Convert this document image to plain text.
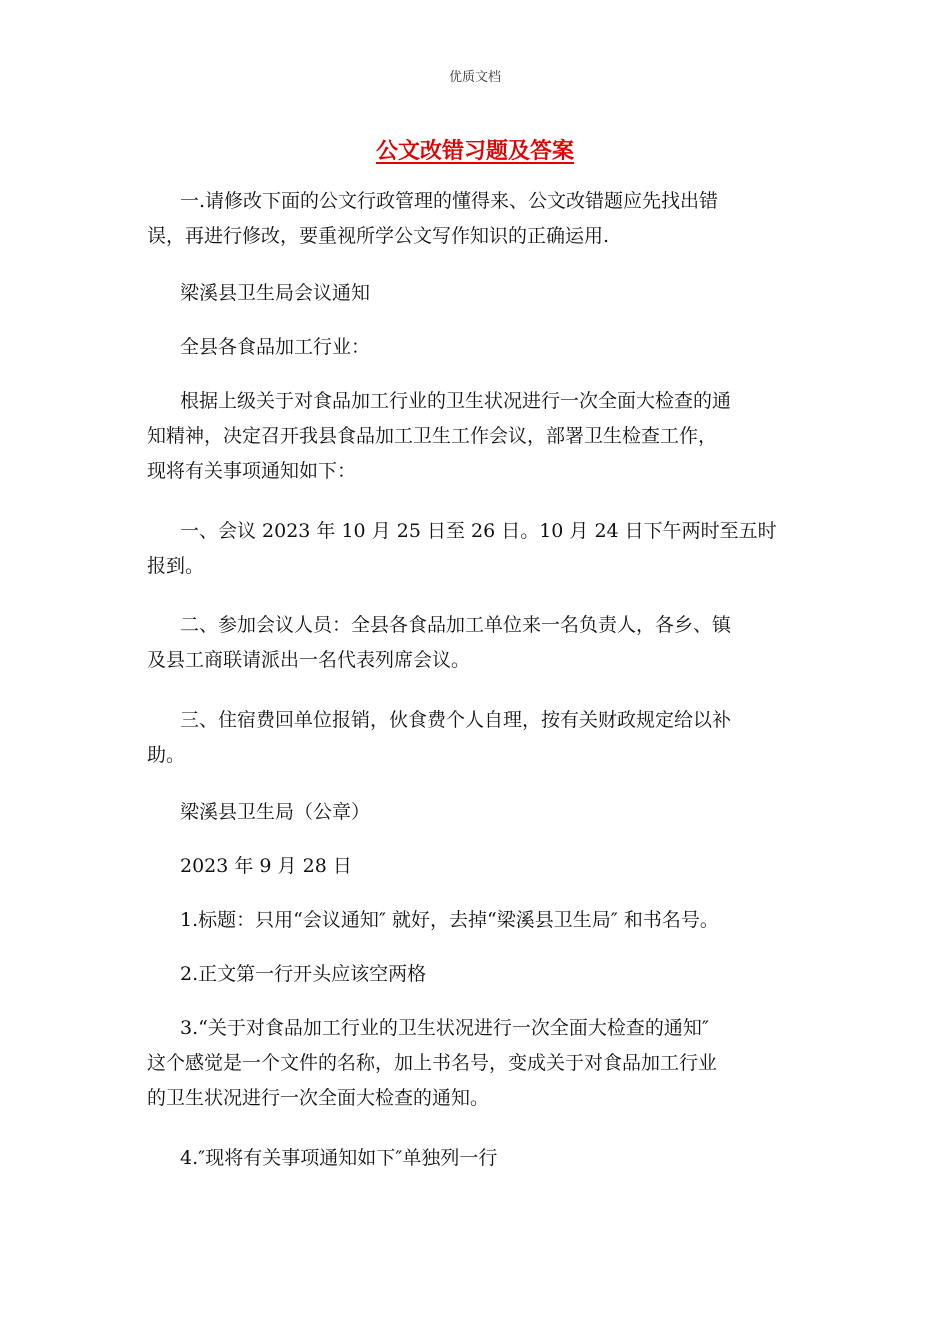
优质文档
公文改错习题及答案
一.请修改下面的公文行政管理的懂得来、公文改错题应先找出错
误，再进行修改，要重视所学公文写作知识的正确运用.
梁溪县卫生局会议通知
全县各食品加工行业：
根据上级关于对食品加工行业的卫生状况进行一次全面大检查的通
知精神，决定召开我县食品加工卫生工作会议，部署卫生检查工作，
现将有关事项通知如下：
一、会议 2023 年 10 月 25 日至 26 日。10 月 24 日下午两时至五时
报到。
二、参加会议人员：全县各食品加工单位来一名负责人，各乡、镇
及县工商联请派出一名代表列席会议。
三、住宿费回单位报销，伙食费个人自理，按有关财政规定给以补
助。
梁溪县卫生局（公章）
2023 年 9 月 28 日
1.标题：只用“会议通知″ 就好，去掉“梁溪县卫生局″ 和书名号。
2.正文第一行开头应该空两格
3.“关于对食品加工行业的卫生状况进行一次全面大检查的通知″
这个感觉是一个文件的名称，加上书名号，变成关于对食品加工行业
的卫生状况进行一次全面大检查的通知。
4.″现将有关事项通知如下″单独列一行
